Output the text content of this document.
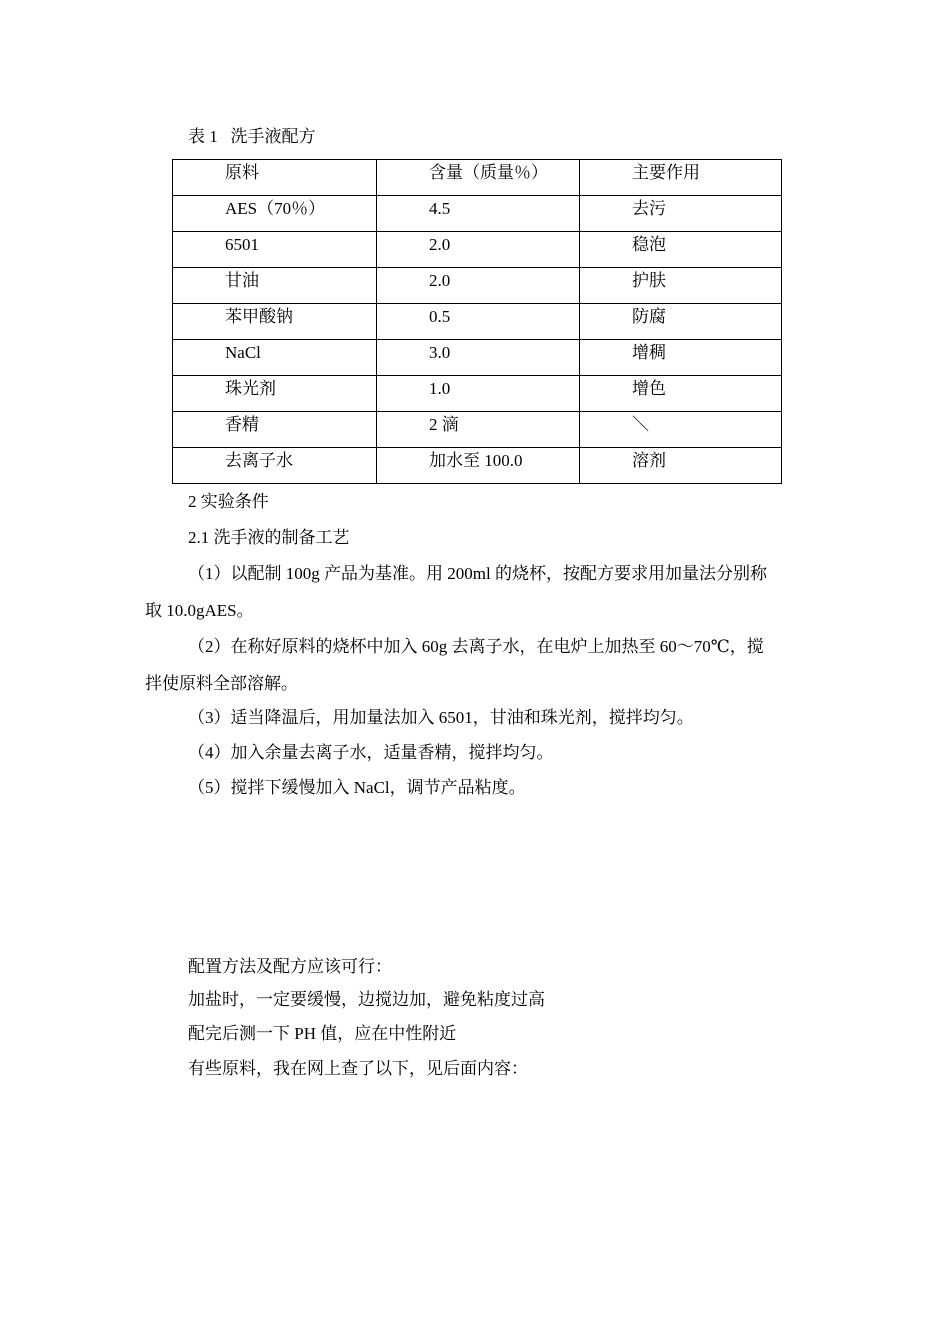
表 1   洗手液配方
原料	含量（质量％）	主要作用
AES（70％）	4.5	去污
6501	2.0	稳泡
甘油	2.0	护肤
苯甲酸钠	0.5	防腐
NaCl	3.0	增稠
珠光剂	1.0	增色
香精	2 滴	＼
去离子水	加水至 100.0	溶剂
2 实验条件
2.1 洗手液的制备工艺
（1）以配制 100g 产品为基准。用 200ml 的烧杯，按配方要求用加量法分别称
取 10.0gAES。
（2）在称好原料的烧杯中加入 60g 去离子水，在电炉上加热至 60～70℃，搅
拌使原料全部溶解。
（3）适当降温后，用加量法加入 6501，甘油和珠光剂，搅拌均匀。
（4）加入余量去离子水，适量香精，搅拌均匀。
（5）搅拌下缓慢加入 NaCl，调节产品粘度。
配置方法及配方应该可行：
加盐时，一定要缓慢，边搅边加，避免粘度过高
配完后测一下 PH 值，应在中性附近
有些原料，我在网上查了以下，见后面内容：
